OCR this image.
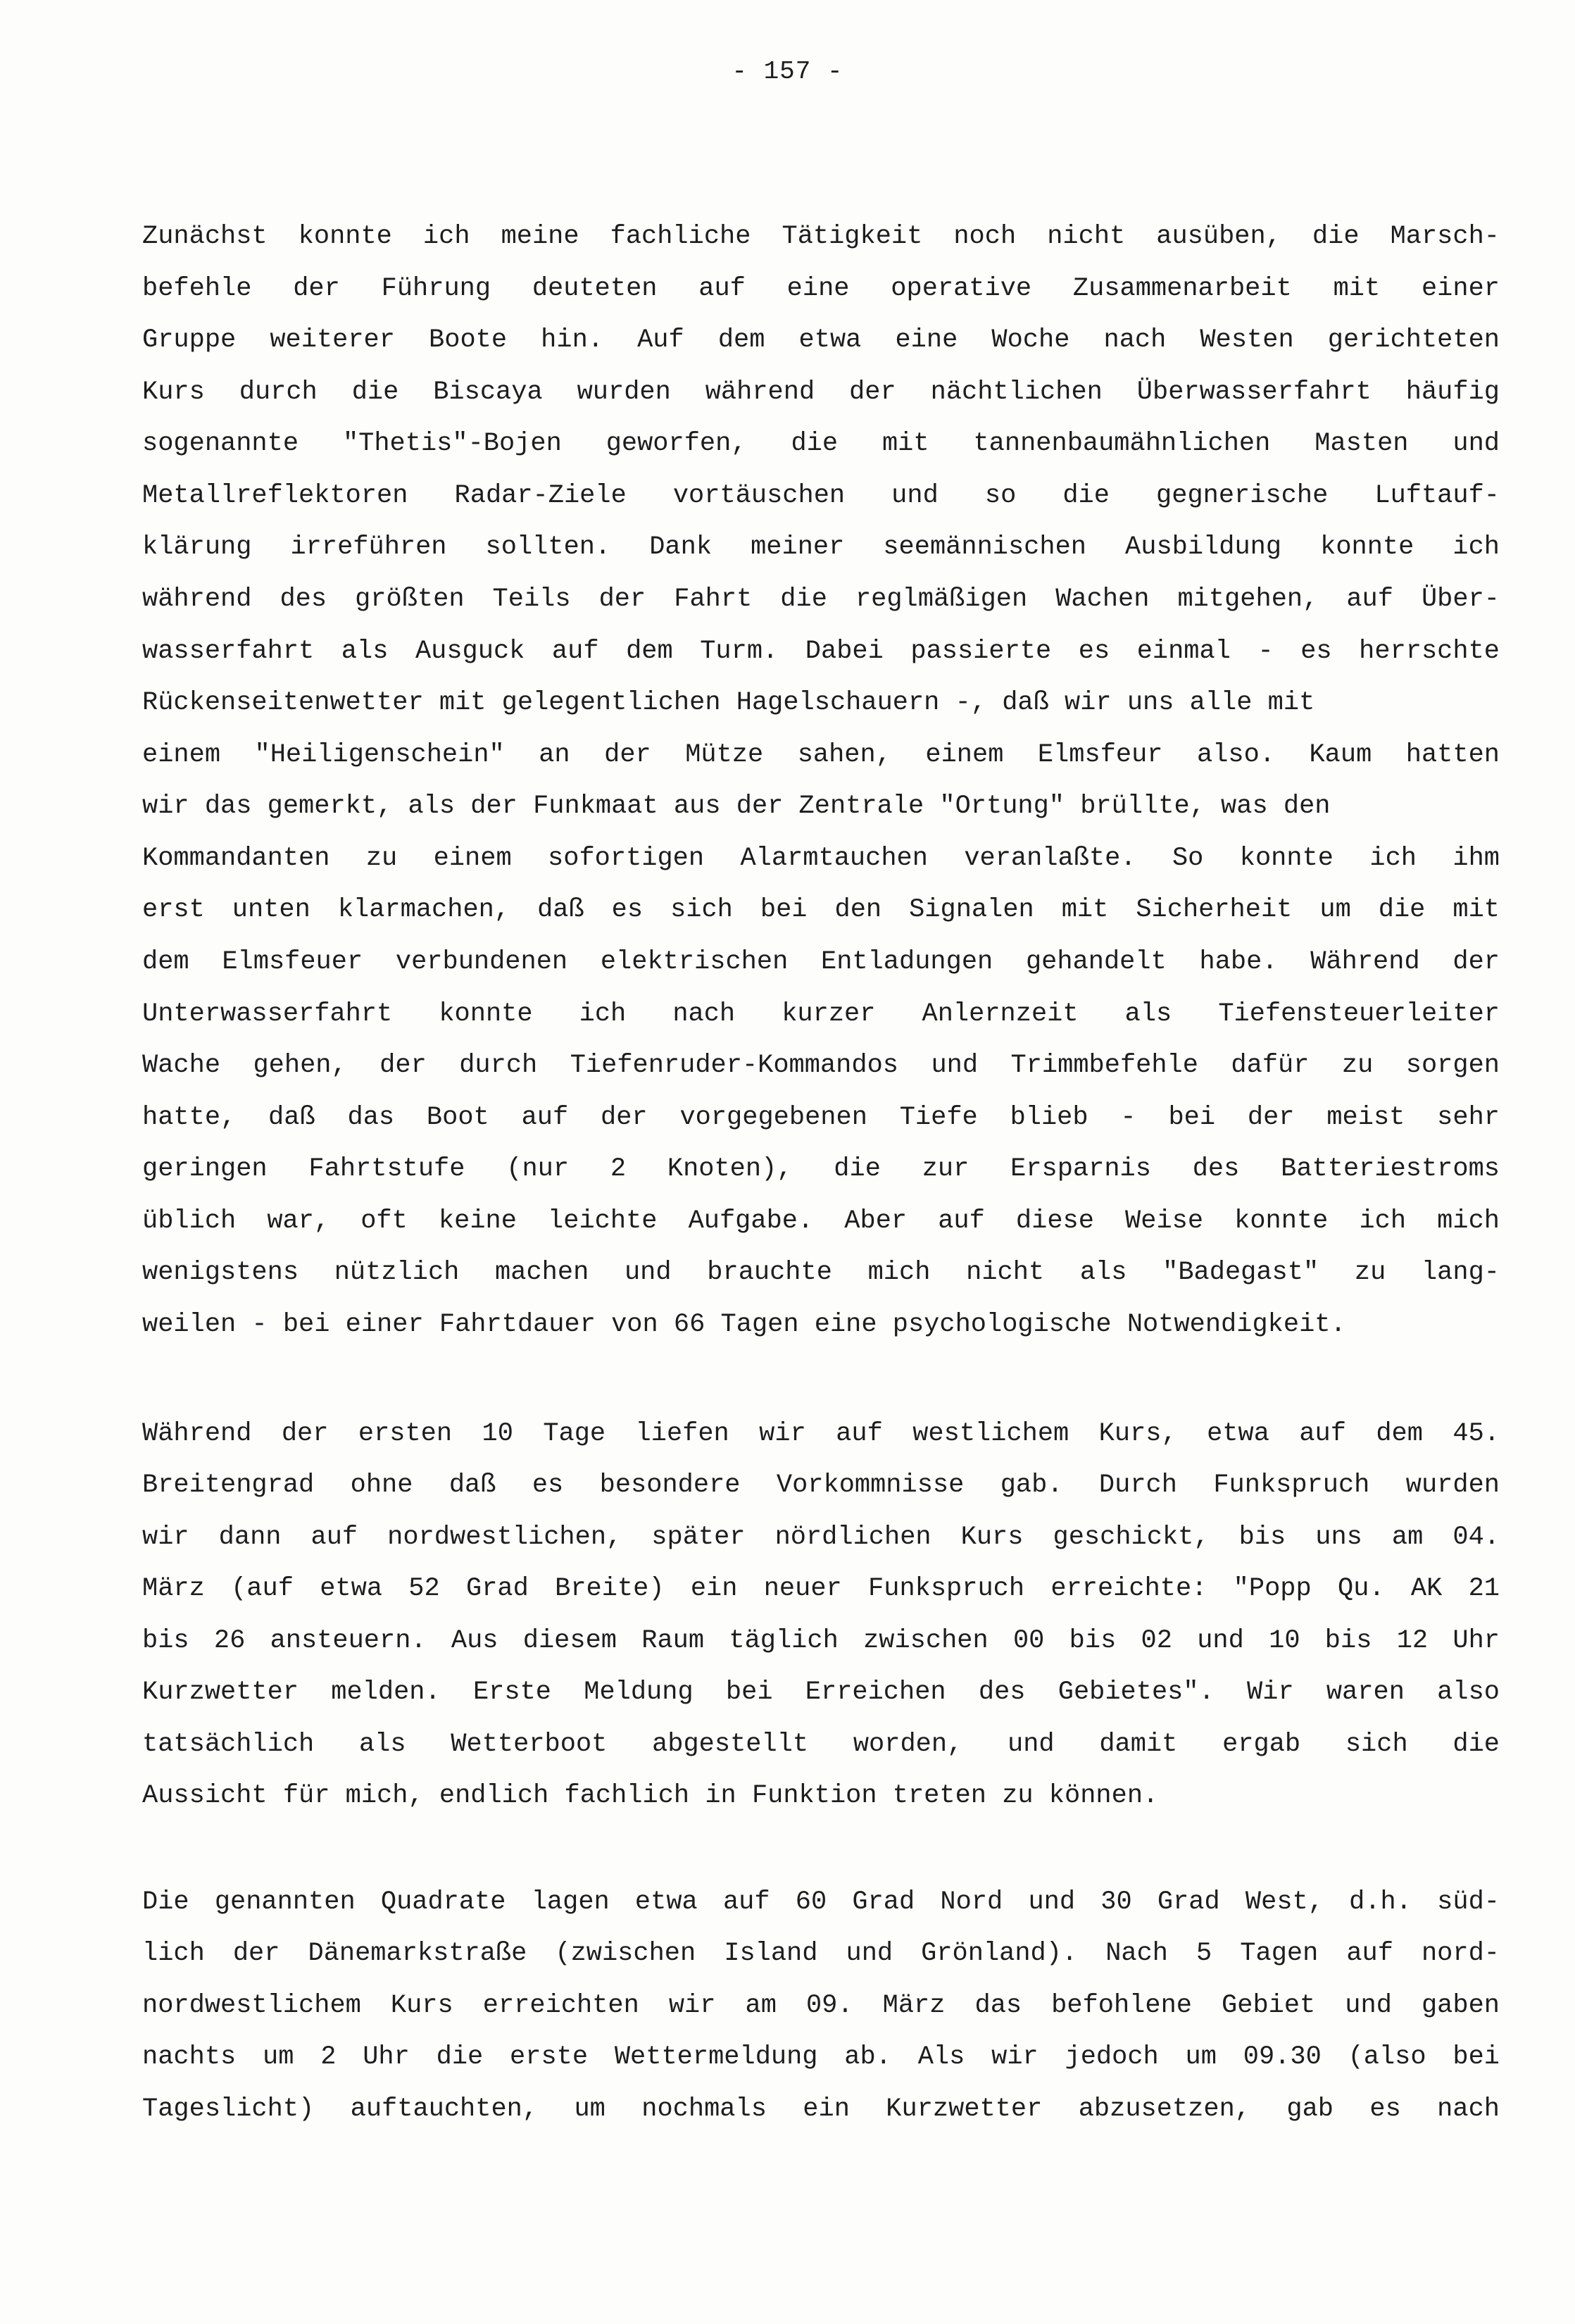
- 157 -
Zunächst konnte ich meine fachliche Tätigkeit noch nicht ausüben, die Marsch-
befehle der Führung deuteten auf eine operative Zusammenarbeit mit einer
Gruppe weiterer Boote hin. Auf dem etwa eine Woche nach Westen gerichteten
Kurs durch die Biscaya wurden während der nächtlichen Überwasserfahrt häufig
sogenannte "Thetis"-Bojen geworfen, die mit tannenbaumähnlichen Masten und
Metallreflektoren Radar-Ziele vortäuschen und so die gegnerische Luftauf-
klärung irreführen sollten. Dank meiner seemännischen Ausbildung konnte ich
während des größten Teils der Fahrt die reglmäßigen Wachen mitgehen, auf Über-
wasserfahrt als Ausguck auf dem Turm. Dabei passierte es einmal - es herrschte
Rückenseitenwetter mit gelegentlichen Hagelschauern -, daß wir uns alle mit
einem "Heiligenschein" an der Mütze sahen, einem Elmsfeur also. Kaum hatten
wir das gemerkt, als der Funkmaat aus der Zentrale "Ortung" brüllte, was den
Kommandanten zu einem sofortigen Alarmtauchen veranlaßte. So konnte ich ihm
erst unten klarmachen, daß es sich bei den Signalen mit Sicherheit um die mit
dem Elmsfeuer verbundenen elektrischen Entladungen gehandelt habe. Während der
Unterwasserfahrt konnte ich nach kurzer Anlernzeit als Tiefensteuerleiter
Wache gehen, der durch Tiefenruder-Kommandos und Trimmbefehle dafür zu sorgen
hatte, daß das Boot auf der vorgegebenen Tiefe blieb - bei der meist sehr
geringen Fahrtstufe (nur 2 Knoten), die zur Ersparnis des Batteriestroms
üblich war, oft keine leichte Aufgabe. Aber auf diese Weise konnte ich mich
wenigstens nützlich machen und brauchte mich nicht als "Badegast" zu lang-
weilen - bei einer Fahrtdauer von 66 Tagen eine psychologische Notwendigkeit.
Während der ersten 10 Tage liefen wir auf westlichem Kurs, etwa auf dem 45.
Breitengrad ohne daß es besondere Vorkommnisse gab. Durch Funkspruch wurden
wir dann auf nordwestlichen, später nördlichen Kurs geschickt, bis uns am 04.
März (auf etwa 52 Grad Breite) ein neuer Funkspruch erreichte: "Popp Qu. AK 21
bis 26 ansteuern. Aus diesem Raum täglich zwischen 00 bis 02 und 10 bis 12 Uhr
Kurzwetter melden. Erste Meldung bei Erreichen des Gebietes". Wir waren also
tatsächlich als Wetterboot abgestellt worden, und damit ergab sich die
Aussicht für mich, endlich fachlich in Funktion treten zu können.
Die genannten Quadrate lagen etwa auf 60 Grad Nord und 30 Grad West, d.h. süd-
lich der Dänemarkstraße (zwischen Island und Grönland). Nach 5 Tagen auf nord-
nordwestlichem Kurs erreichten wir am 09. März das befohlene Gebiet und gaben
nachts um 2 Uhr die erste Wettermeldung ab. Als wir jedoch um 09.30 (also bei
Tageslicht) auftauchten, um nochmals ein Kurzwetter abzusetzen, gab es nach
